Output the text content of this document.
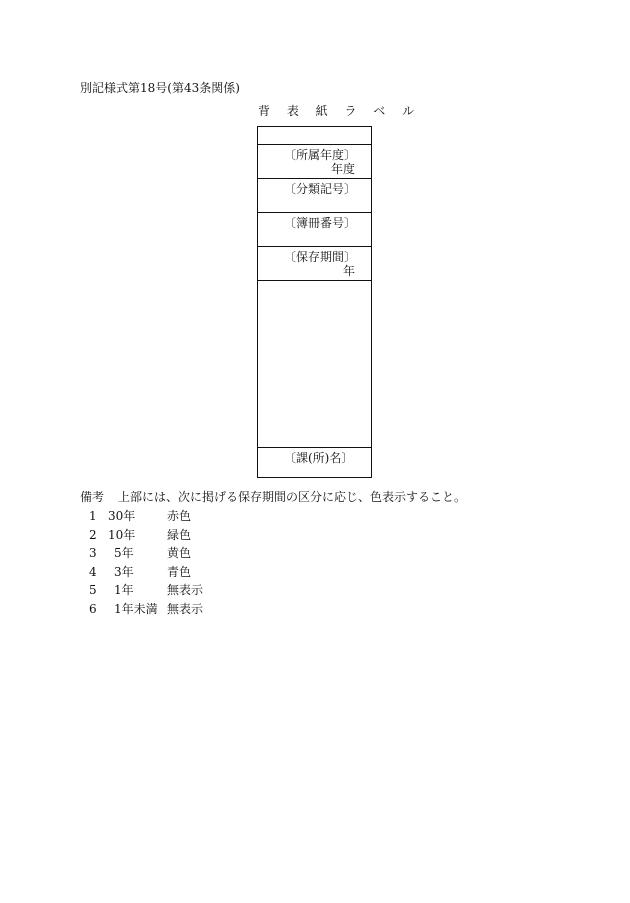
別記様式第18号(第43条関係)
背 表 紙 ラ ベ ル
〔所属年度〕
年度
〔分類記号〕
〔簿冊番号〕
〔保存期間〕
年
〔課(所)名〕
備考 上部には、次に掲げる保存期間の区分に応じ、色表示すること。
1 30年	赤色
2 10年	緑色
3	5年	黄色
4	3年	青色
5	1年	無表示
6	1年未満 無表示
